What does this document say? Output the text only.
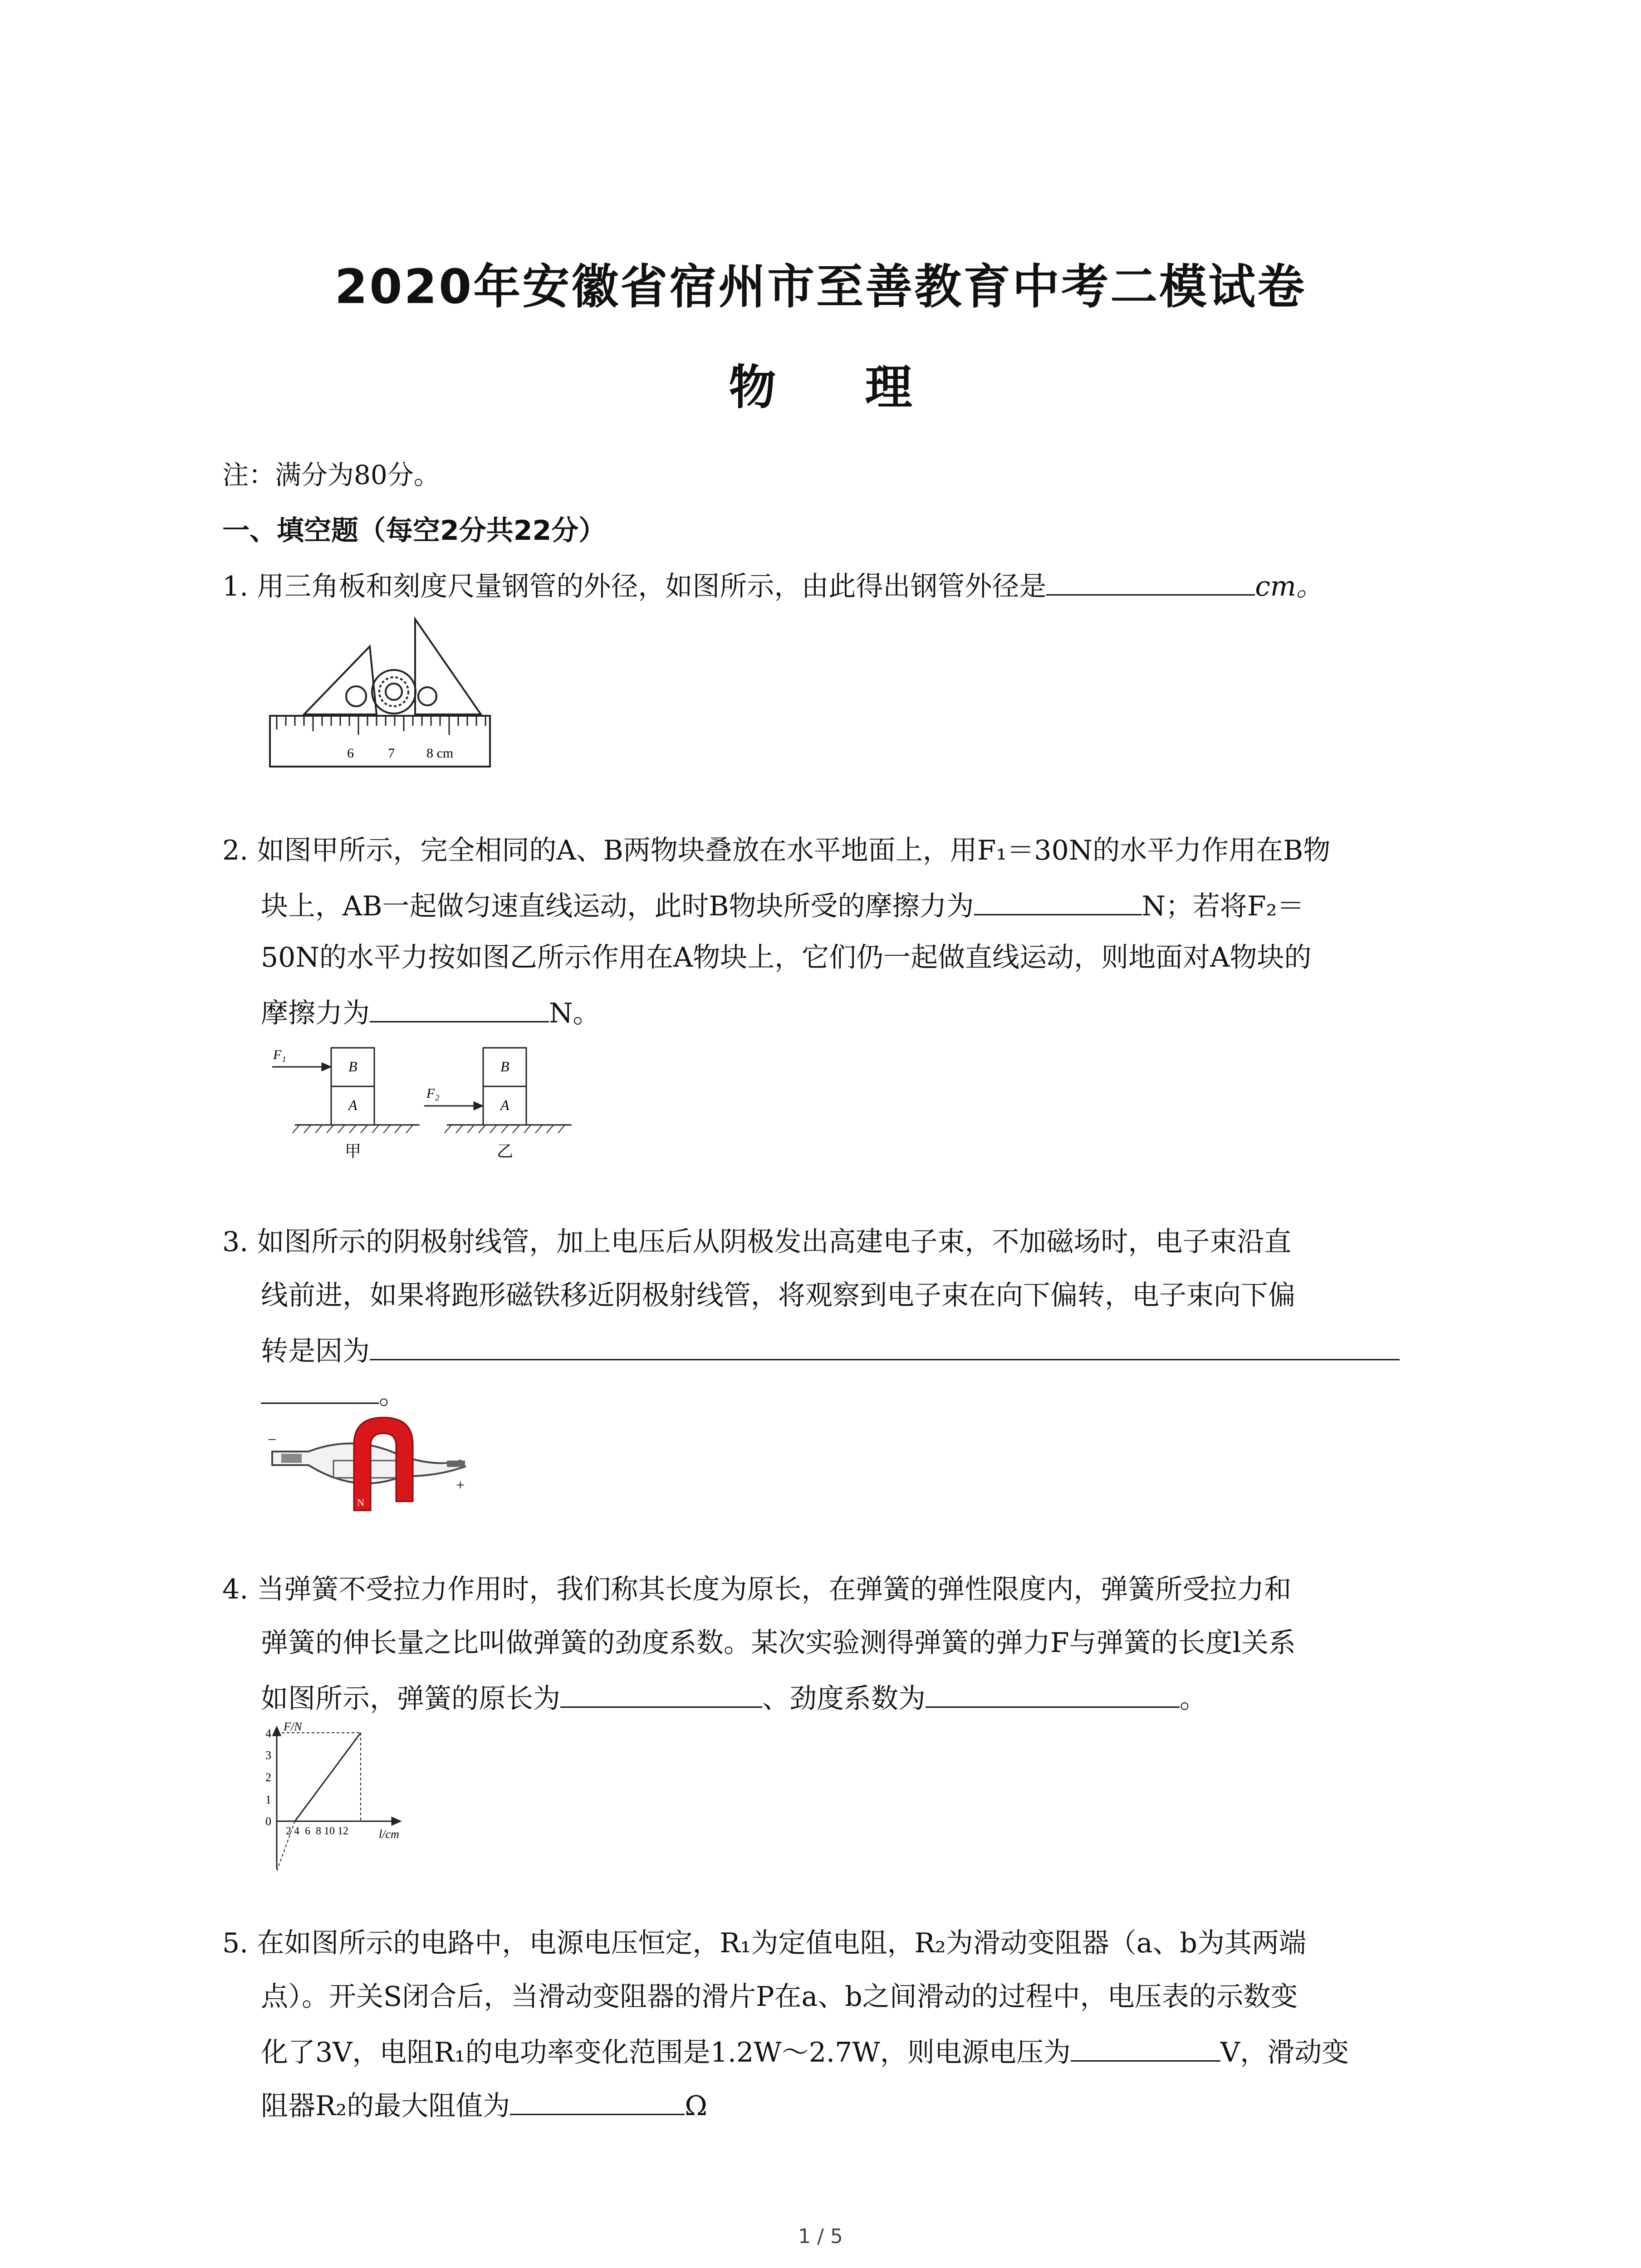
2020年安徽省宿州市至善教育中考二模试卷
物 理
注：满分为80分。
一、填空题（每空2分共22分）
1. 用三角板和刻度尺量钢管的外径，如图所示，由此得出钢管外径是	cm。
6	7 8 cm
2. 如图甲所示，完全相同的A、B两物块叠放在水平地面上，用F₁＝30N的水平力作用在B物
块上，AB一起做匀速直线运动，此时B物块所受的摩擦力为	N；若将F₂＝
50N的水平力按如图乙所示作用在A物块上，它们仍一起做直线运动，则地面对A物块的
摩擦力为	N。
F₁
F₂
B
A
B
A
甲	乙
3. 如图所示的阴极射线管，加上电压后从阴极发出高建电子束，不加磁场时，电子束沿直
线前进，如果将跑形磁铁移近阴极射线管，将观察到电子束在向下偏转，电子束向下偏
转是因为
。
N
−
+
4. 当弹簧不受拉力作用时，我们称其长度为原长，在弹簧的弹性限度内，弹簧所受拉力和
弹簧的伸长量之比叫做弹簧的劲度系数。某次实验测得弹簧的弹力F与弹簧的长度l关系
如图所示，弹簧的原长为	、劲度系数为	。
F/N
l/cm
4
3
2
1
0
2 4  6  8 10 12
5. 在如图所示的电路中，电源电压恒定，R₁为定值电阻，R₂为滑动变阻器（a、b为其两端
点）。开关S闭合后，当滑动变阻器的滑片P在a、b之间滑动的过程中，电压表的示数变
化了3V，电阻R₁的电功率变化范围是1.2W～2.7W，则电源电压为	V，滑动变
阻器R₂的最大阻值为	Ω
1 / 5
